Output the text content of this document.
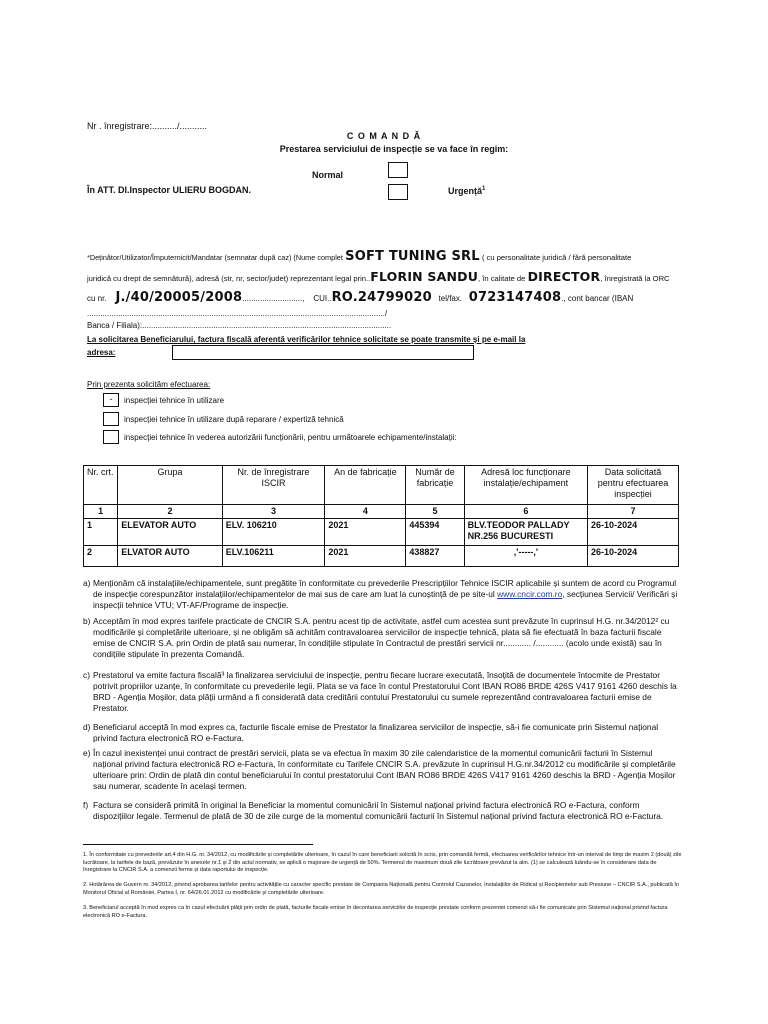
Nr . înregistrare:........../...........
C O M A N D Ă
Prestarea serviciului de inspecție se va face în regim:
Normal
În ATT. Dl.Inspector ULIERU BOGDAN.	Urgență$^1$
*Deținător/Utilizator/Împuternicit/Mandatar (semnatar după caz) (Nume complet SOFT TUNING SRL ( cu personalitate juridică / fără personalitate
juridică cu drept de semnătură), adresă (str, nr, sector/județ) reprezentant legal prin..FLORIN SANDU, în calitate de DIRECTOR, înregistrată la ORC
cu nr. J./40/20005/2008..........................., CUI..RO.24799020 tel/fax. 0723147408., cont bancar (IBAN
....................................................................................................................................../
Banca / Filiala):................................................................................................................
La solicitarea Beneficiarului, factura fiscală aferentă verificărilor tehnice solicitate se poate transmite și pe e-mail la
adresa:
Prin prezenta solicităm efectuarea:
-	inspecției tehnice în utilizare
inspecției tehnice în utilizare după reparare / expertiză tehnică
inspecției tehnice în vederea autorizării funcționării, pentru următoarele echipamente/instalații:
Nr. crt.	Grupa	Nr. de înregistrare ISCIR	An de fabricație	Număr de fabricație	Adresă loc funcționare instalație/echipament	Data solicitată pentru efectuarea inspecției
1	2	3	4	5	6	7
1	ELEVATOR AUTO	ELV. 106210	2021	445394	BLV.TEODOR PALLADY NR.256 BUCURESTI	26-10-2024
2	ELVATOR AUTO	ELV.106211	2021	438827	,'-----,'	26-10-2024
a) Menționăm că instalațiile/echipamentele, sunt pregătite în conformitate cu prevederile Prescripțiilor Tehnice ISCIR aplicabile și suntem de acord cu Programul de inspecție corespunzător instalațiilor/echipamentelor de mai sus de care am luat la cunoștință de pe site-ul www.cncir.com.ro, secțiunea Servicii/ Verificări și inspecții tehnice VTU; VT-AF/Programe de inspecție.
b) Acceptăm în mod expres tarifele practicate de CNCIR S.A. pentru acest tip de activitate, astfel cum acestea sunt prevăzute în cuprinsul H.G. nr.34/2012² cu modificările și completările ulterioare, și ne obligăm să achităm contravaloarea serviciilor de inspecție tehnică, plata să fie efectuată în baza facturii fiscale emise de CNCIR S.A. prin Ordin de plată sau numerar, în condițiile stipulate în Contractul de prestări servicii nr............ /............ (acolo unde există) sau în condițiile stipulate în prezenta Comandă.
c) Prestatorul va emite factura fiscală³ la finalizarea serviciului de inspecție, pentru fiecare lucrare executată, însoțită de documentele întocmite de Prestator potrivit propriilor uzanțe, în conformitate cu prevederile legii. Plata se va face în contul Prestatorului Cont IBAN RO86 BRDE 426S V417 9161 4260 deschis la BRD - Agenția Moșilor, data plății urmând a fi considerată data creditării contului Prestatorului cu sumele reprezentând contravaloarea facturii emise de Prestator.
d) Beneficiarul acceptă în mod expres ca, facturile fiscale emise de Prestator la finalizarea serviciilor de inspecție, să-i fie comunicate prin Sistemul național privind factura electronică RO e-Factura.
e) În cazul inexistenței unui contract de prestări servicii, plata se va efectua în maxim 30 zile calendaristice de la momentul comunicării facturii în Sistemul național privind factura electronică RO e-Factura, în conformitate cu Tarifele CNCIR S.A. prevăzute în cuprinsul H.G.nr.34/2012 cu modificările și completările ulterioare prin: Ordin de plată din contul beneficiarului în contul prestatorului Cont IBAN RO86 BRDE 426S V417 9161 4260 deschis la BRD - Agenția Moșilor sau numerar, scadente în același termen.
f) Factura se consideră primită în original la Beneficiar la momentul comunicării în Sistemul național privind factura electronică RO e-Factura, conform dispozițiilor legale. Termenul de plată de 30 de zile curge de la momentul comunicării facturii în Sistemul național privind factura electronică RO e-Factura.
1. În conformitate cu prevederile art.4 din H.G. nr. 34/2012, cu modificările și completările ulterioare, în cazul în care beneficiarii solicită în scris, prin comandă fermă, efectuarea verificărilor tehnice într-un interval de timp de maxim 2 (două) zile lucrătoare, la tarifele de bază, prevăzute în anexele nr.1 și 2 din actul normativ, se aplică o majorare de urgență de 50%. Termenul de maximum două zile lucrătoare prevăzut la alin. (1) se calculează luându-se în considerare data de înregistrare la CNCIR S.A. a comenzii ferme și data raportului de inspecție.
2. Hotărârea de Guvern nr. 34/2012, privind aprobarea tarifelor pentru activitățile cu caracter specific prestate de Compania Națională pentru Controlul Cazanelor, Instalațiilor de Ridicat și Recipientelor sub Presiune – CNCIR S.A., publicată în Monitorul Oficial al României, Partea I, nr. 64/26.01.2012 cu modificările și completările ulterioare.
3. Beneficiarul acceptă în mod expres ca în cazul efectuării plății prin ordin de plată, facturile fiscale emise în decontarea serviciilor de inspecție prestate conform prezentei comenzi să-i fie comunicate prin Sistemul național privind factura electronică RO e-Factura.
